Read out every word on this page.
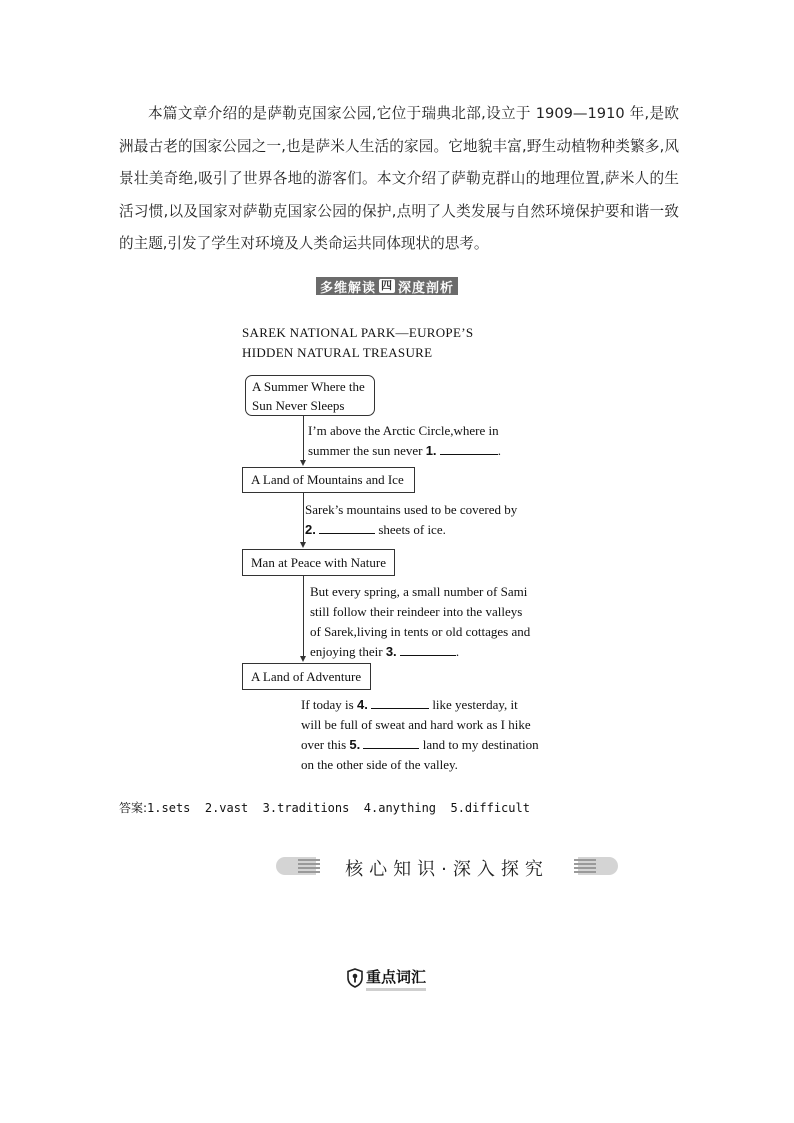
本篇文章介绍的是萨勒克国家公园,它位于瑞典北部,设立于 1909—1910 年,是欧洲最古老的国家公园之一,也是萨米人生活的家园。它地貌丰富,野生动植物种类繁多,风景壮美奇绝,吸引了世界各地的游客们。本文介绍了萨勒克群山的地理位置,萨米人的生活习惯,以及国家对萨勒克国家公园的保护,点明了人类发展与自然环境保护要和谐一致的主题,引发了学生对环境及人类命运共同体现状的思考。

多维解读 四 深度剖析
SAREK NATIONAL PARK—EUROPE’S
HIDDEN NATURAL TREASURE
A Summer Where the
Sun Never Sleeps
I’m above the Arctic Circle,where in
summer the sun never 1.	.
A Land of Mountains and Ice
Sarek’s mountains used to be covered by
2.	sheets of ice.
Man at Peace with Nature
But every spring, a small number of Sami
still follow their reindeer into the valleys
of Sarek,living in tents or old cottages and
enjoying their 3.	.
A Land of Adventure
If today is 4.	like yesterday, it
will be full of sweat and hard work as I hike
over this 5.	land to my destination
on the other side of the valley.
答案:1.sets  2.vast  3.traditions  4.anything  5.difficult
核心知识·深入探究
重点词汇
